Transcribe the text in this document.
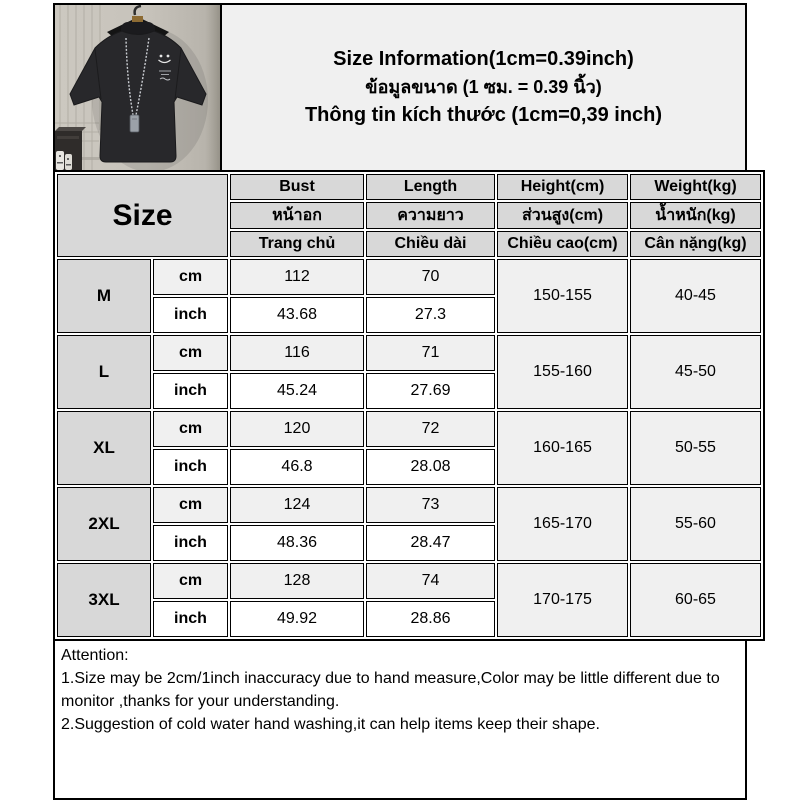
Size Information(1cm=0.39inch)
ข้อมูลขนาด (1 ซม. = 0.39 นิ้ว)
Thông tin kích thước (1cm=0,39 inch)
Size		Bust	Length	Height(cm)	Weight(kg)
		หน้าอก	ความยาว	ส่วนสูง(cm)	น้ำหนัก(kg)
		Trang chủ	Chiều dài	Chiều cao(cm)	Cân nặng(kg)
M	cm	112	70	150-155	40-45
	inch	43.68	27.3		
L	cm	116	71	155-160	45-50
	inch	45.24	27.69		
XL	cm	120	72	160-165	50-55
	inch	46.8	28.08		
2XL	cm	124	73	165-170	55-60
	inch	48.36	28.47		
3XL	cm	128	74	170-175	60-65
	inch	49.92	28.86		
Attention:
1.Size may be 2cm/1inch inaccuracy due to hand measure,Color may be little different due to monitor ,thanks for your understanding.
2.Suggestion of cold water hand washing,it can help items keep their shape.
